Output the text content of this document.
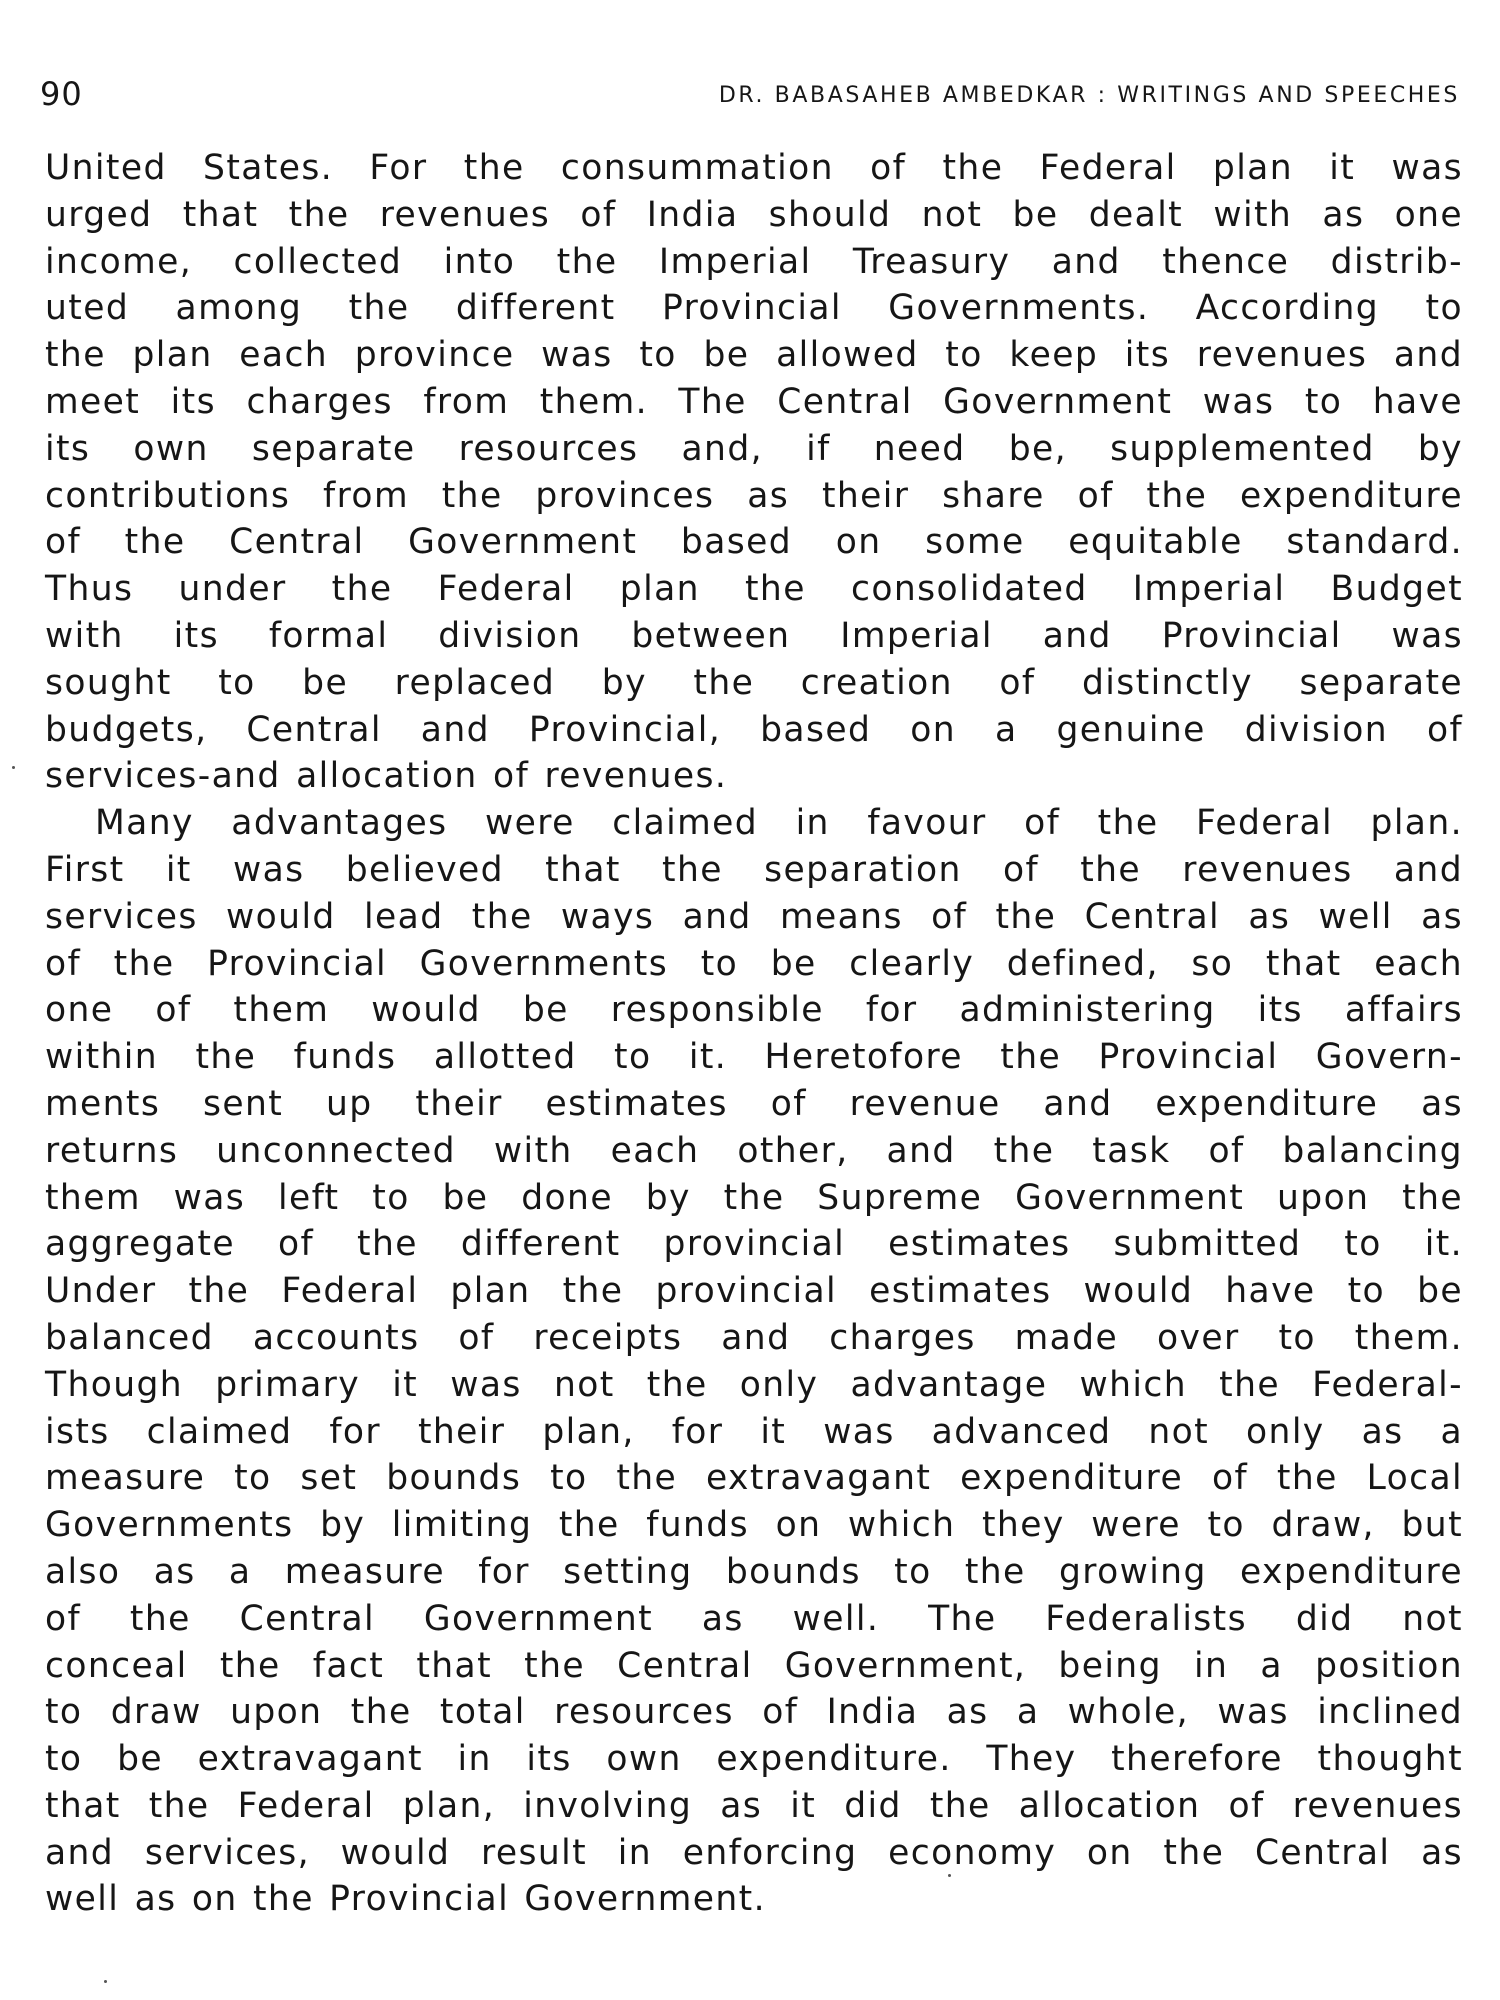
90	DR. BABASAHEB AMBEDKAR : WRITINGS AND SPEECHES

United States. For the consummation of the Federal plan it was
urged that the revenues of India should not be dealt with as one
income, collected into the Imperial Treasury and thence distrib-
uted among the different Provincial Governments. According to
the plan each province was to be allowed to keep its revenues and
meet its charges from them. The Central Government was to have
its own separate resources and, if need be, supplemented by
contributions from the provinces as their share of the expenditure
of the Central Government based on some equitable standard.
Thus under the Federal plan the consolidated Imperial Budget
with its formal division between Imperial and Provincial was
sought to be replaced by the creation of distinctly separate
budgets, Central and Provincial, based on a genuine division of
services-and allocation of revenues.

Many advantages were claimed in favour of the Federal plan.
First it was believed that the separation of the revenues and
services would lead the ways and means of the Central as well as
of the Provincial Governments to be clearly defined, so that each
one of them would be responsible for administering its affairs
within the funds allotted to it. Heretofore the Provincial Govern-
ments sent up their estimates of revenue and expenditure as
returns unconnected with each other, and the task of balancing
them was left to be done by the Supreme Government upon the
aggregate of the different provincial estimates submitted to it.
Under the Federal plan the provincial estimates would have to be
balanced accounts of receipts and charges made over to them.
Though primary it was not the only advantage which the Federal-
ists claimed for their plan, for it was advanced not only as a
measure to set bounds to the extravagant expenditure of the Local
Governments by limiting the funds on which they were to draw, but
also as a measure for setting bounds to the growing expenditure
of the Central Government as well. The Federalists did not
conceal the fact that the Central Government, being in a position
to draw upon the total resources of India as a whole, was inclined
to be extravagant in its own expenditure. They therefore thought
that the Federal plan, involving as it did the allocation of revenues
and services, would result in enforcing economy on the Central as
well as on the Provincial Government.
